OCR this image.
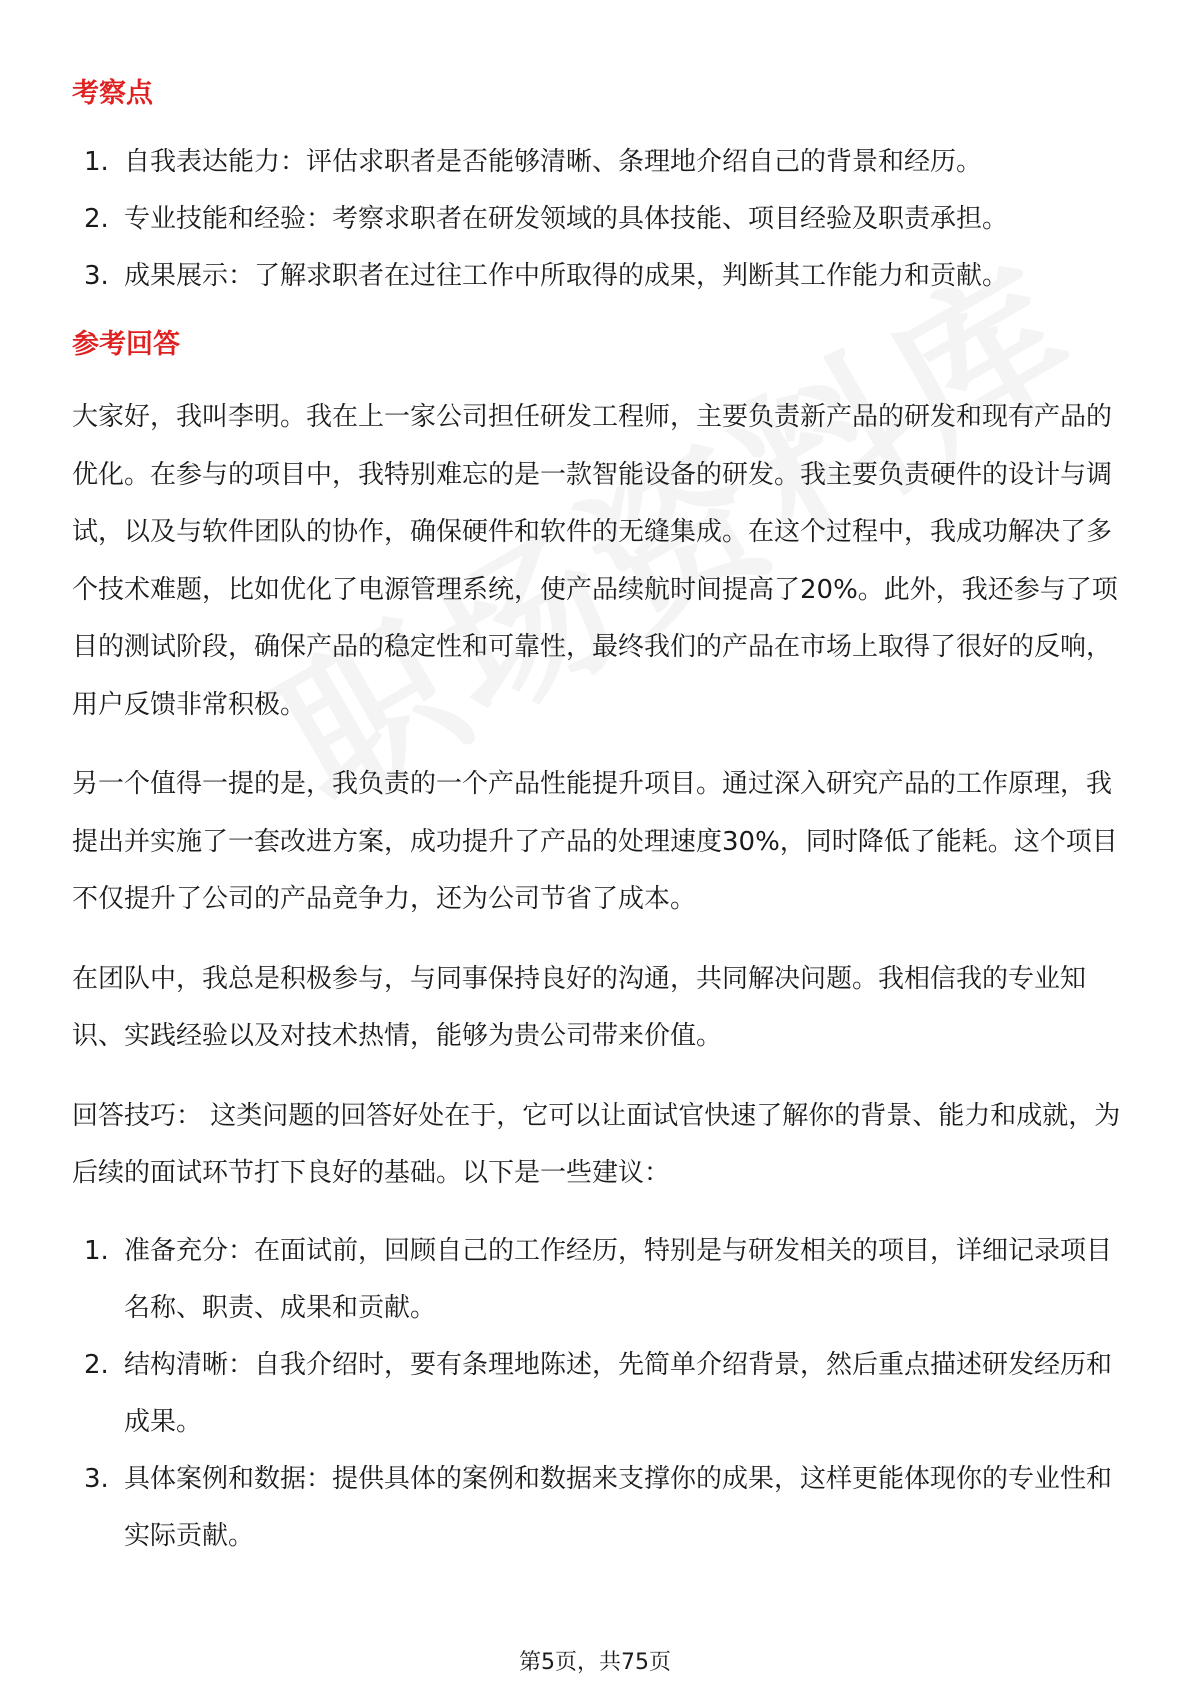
考察点
1. 自我表达能力：评估求职者是否能够清晰、条理地介绍自己的背景和经历。
2. 专业技能和经验：考察求职者在研发领域的具体技能、项目经验及职责承担。
3. 成果展示：了解求职者在过往工作中所取得的成果，判断其工作能力和贡献。
参考回答

大家好，我叫李明。我在上一家公司担任研发工程师，主要负责新产品的研发和现有产品的优化。在参与的项目中，我特别难忘的是一款智能设备的研发。我主要负责硬件的设计与调试，以及与软件团队的协作，确保硬件和软件的无缝集成。在这个过程中，我成功解决了多个技术难题，比如优化了电源管理系统，使产品续航时间提高了20%。此外，我还参与了项目的测试阶段，确保产品的稳定性和可靠性，最终我们的产品在市场上取得了很好的反响，用户反馈非常积极。

另一个值得一提的是，我负责的一个产品性能提升项目。通过深入研究产品的工作原理，我提出并实施了一套改进方案，成功提升了产品的处理速度30%，同时降低了能耗。这个项目不仅提升了公司的产品竞争力，还为公司节省了成本。

在团队中，我总是积极参与，与同事保持良好的沟通，共同解决问题。我相信我的专业知识、实践经验以及对技术热情，能够为贵公司带来价值。

回答技巧： 这类问题的回答好处在于，它可以让面试官快速了解你的背景、能力和成就，为后续的面试环节打下良好的基础。以下是一些建议：

1. 准备充分：在面试前，回顾自己的工作经历，特别是与研发相关的项目，详细记录项目名称、职责、成果和贡献。
2. 结构清晰：自我介绍时，要有条理地陈述，先简单介绍背景，然后重点描述研发经历和成果。
3. 具体案例和数据：提供具体的案例和数据来支撑你的成果，这样更能体现你的专业性和实际贡献。
第5页，共75页
